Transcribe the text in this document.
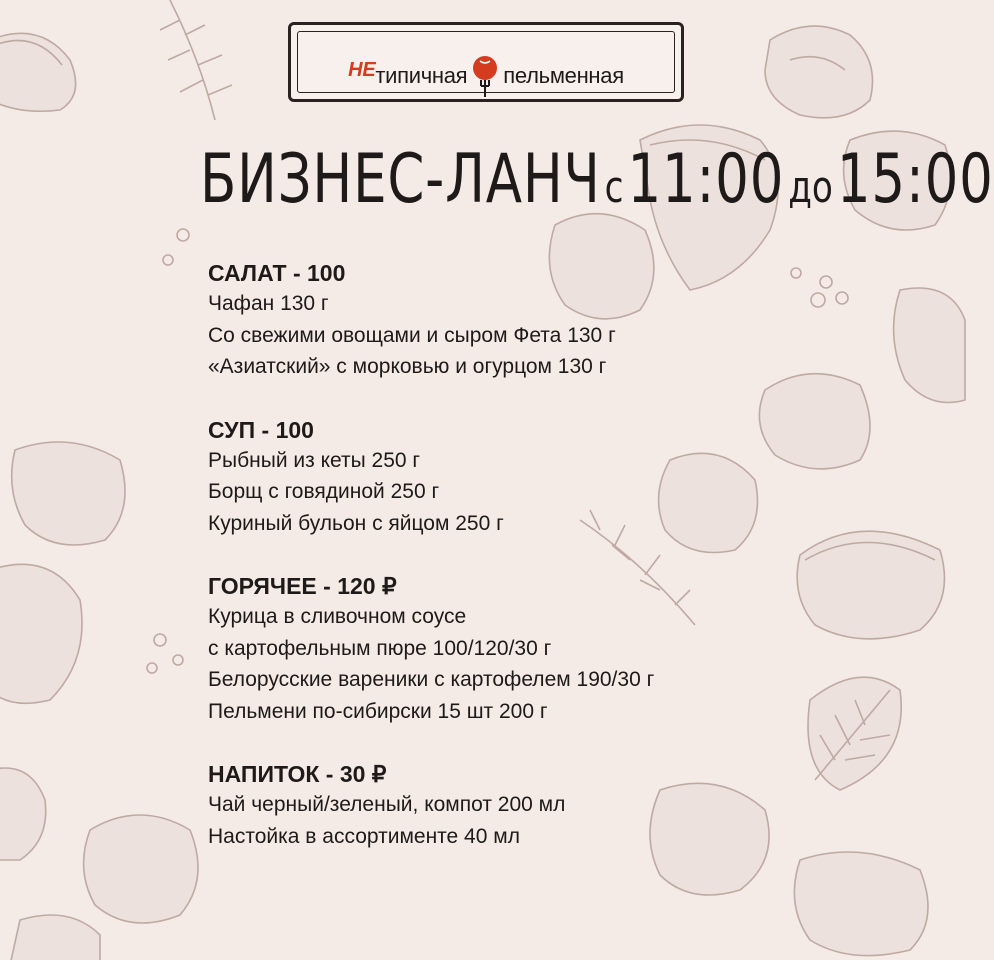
НЕтипичная пельменная
БИЗНЕС-ЛАНЧ с 11:00 до 15:00
САЛАТ - 100
Чафан 130 г
Со свежими овощами и сыром Фета 130 г
«Азиатский» с морковью и огурцом 130 г
СУП - 100
Рыбный из кеты 250 г
Борщ с говядиной 250 г
Куриный бульон с яйцом 250 г
ГОРЯЧЕЕ - 120 ₽
Курица в сливочном соусе
с картофельным пюре 100/120/30 г
Белорусские вареники с картофелем 190/30 г
Пельмени по-сибирски 15 шт 200 г
НАПИТОК - 30 ₽
Чай черный/зеленый, компот 200 мл
Настойка в ассортименте 40 мл
